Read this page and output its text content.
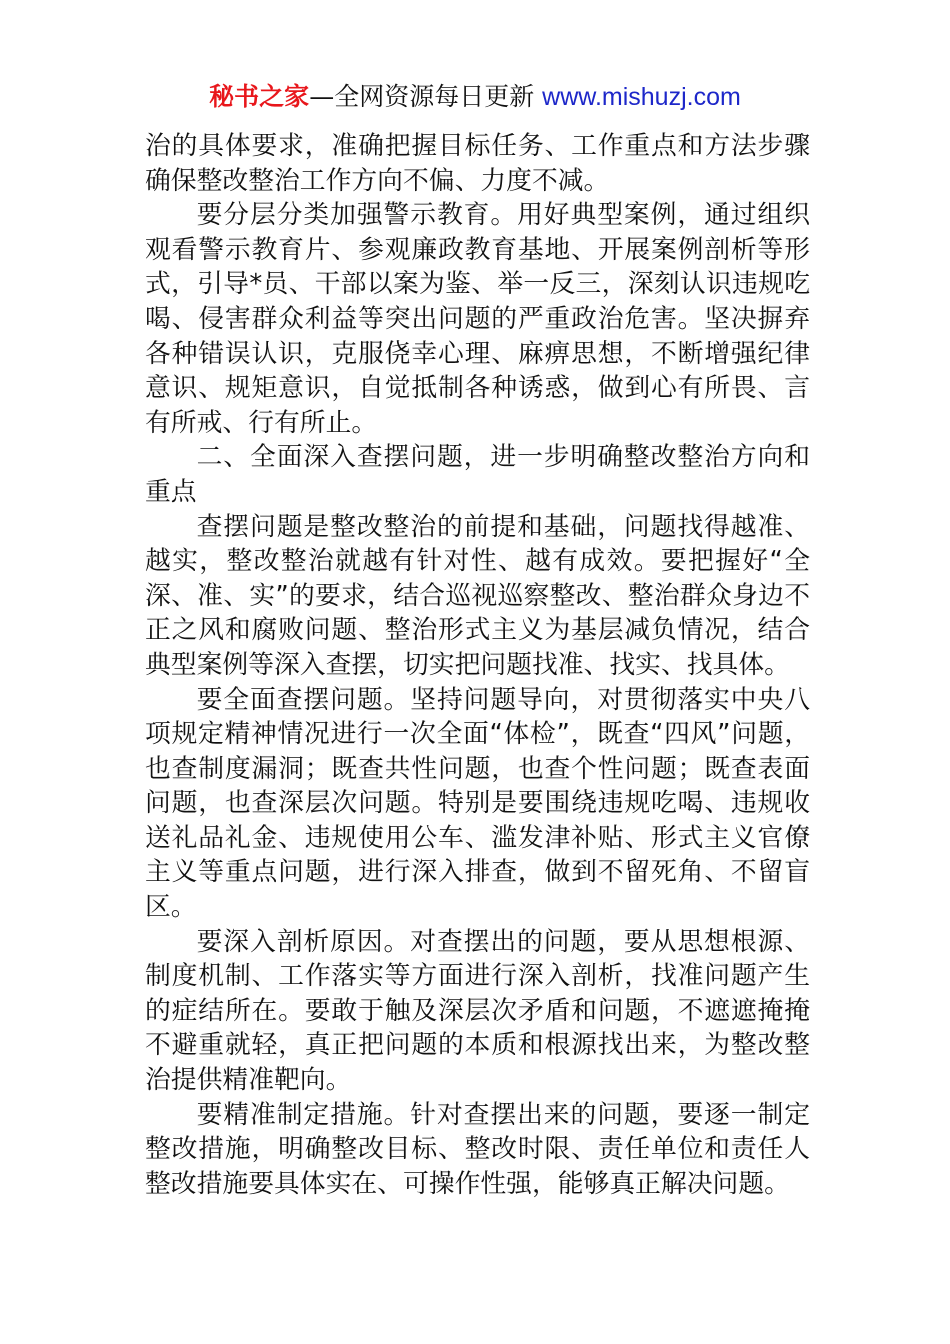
秘书之家—全网资源每日更新 www.mishuzj.com

治的具体要求，准确把握目标任务、工作重点和方法步骤确保整改整治工作方向不偏、力度不减。

要分层分类加强警示教育。用好典型案例，通过组织观看警示教育片、参观廉政教育基地、开展案例剖析等形式，引导*员、干部以案为鉴、举一反三，深刻认识违规吃喝、侵害群众利益等突出问题的严重政治危害。坚决摒弃各种错误认识，克服侥幸心理、麻痹思想，不断增强纪律意识、规矩意识，自觉抵制各种诱惑，做到心有所畏、言有所戒、行有所止。

二、全面深入查摆问题，进一步明确整改整治方向和重点

查摆问题是整改整治的前提和基础，问题找得越准、越实，整改整治就越有针对性、越有成效。要把握好“全深、准、实”的要求，结合巡视巡察整改、整治群众身边不正之风和腐败问题、整治形式主义为基层减负情况，结合典型案例等深入查摆，切实把问题找准、找实、找具体。

要全面查摆问题。坚持问题导向，对贯彻落实中央八项规定精神情况进行一次全面“体检”，既查“四风”问题，也查制度漏洞；既查共性问题，也查个性问题；既查表面问题，也查深层次问题。特别是要围绕违规吃喝、违规收送礼品礼金、违规使用公车、滥发津补贴、形式主义官僚主义等重点问题，进行深入排查，做到不留死角、不留盲区。

要深入剖析原因。对查摆出的问题，要从思想根源、制度机制、工作落实等方面进行深入剖析，找准问题产生的症结所在。要敢于触及深层次矛盾和问题，不遮遮掩掩不避重就轻，真正把问题的本质和根源找出来，为整改整治提供精准靶向。

要精准制定措施。针对查摆出来的问题，要逐一制定整改措施，明确整改目标、整改时限、责任单位和责任人整改措施要具体实在、可操作性强，能够真正解决问题。
